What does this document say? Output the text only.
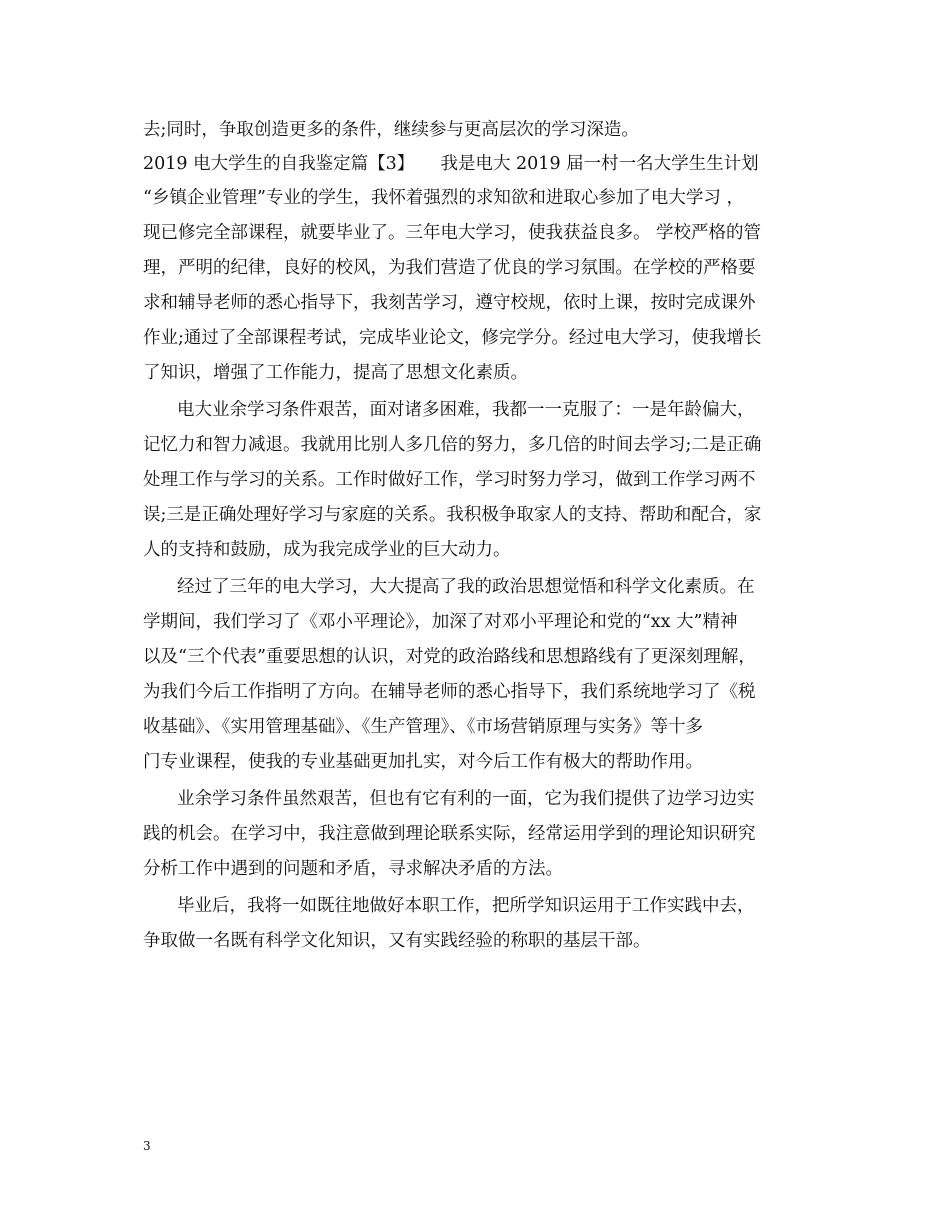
去;同时，争取创造更多的条件，继续参与更高层次的学习深造。
2019 电大学生的自我鉴定篇【3】　　我是电大 2019 届一村一名大学生生计划
“乡镇企业管理”专业的学生，我怀着强烈的求知欲和进取心参加了电大学习 ，
现已修完全部课程，就要毕业了。三年电大学习，使我获益良多。 学校严格的管
理，严明的纪律，良好的校风，为我们营造了优良的学习氛围。在学校的严格要
求和辅导老师的悉心指导下，我刻苦学习，遵守校规，依时上课，按时完成课外
作业;通过了全部课程考试，完成毕业论文，修完学分。经过电大学习，使我增长
了知识，增强了工作能力，提高了思想文化素质。
电大业余学习条件艰苦，面对诸多困难，我都一一克服了：一是年龄偏大，
记忆力和智力减退。我就用比别人多几倍的努力，多几倍的时间去学习;二是正确
处理工作与学习的关系。工作时做好工作，学习时努力学习，做到工作学习两不
误;三是正确处理好学习与家庭的关系。我积极争取家人的支持、帮助和配合，家
人的支持和鼓励，成为我完成学业的巨大动力。
经过了三年的电大学习，大大提高了我的政治思想觉悟和科学文化素质。在
学期间，我们学习了《邓小平理论》，加深了对邓小平理论和党的“xx 大”精神
以及“三个代表”重要思想的认识，对党的政治路线和思想路线有了更深刻理解，
为我们今后工作指明了方向。在辅导老师的悉心指导下，我们系统地学习了《税
收基础》、《实用管理基础》、《生产管理》、《市场营销原理与实务》等十多
门专业课程，使我的专业基础更加扎实，对今后工作有极大的帮助作用。
业余学习条件虽然艰苦，但也有它有利的一面，它为我们提供了边学习边实
践的机会。在学习中，我注意做到理论联系实际，经常运用学到的理论知识研究
分析工作中遇到的问题和矛盾，寻求解决矛盾的方法。
毕业后，我将一如既往地做好本职工作，把所学知识运用于工作实践中去，
争取做一名既有科学文化知识，又有实践经验的称职的基层干部。
3
